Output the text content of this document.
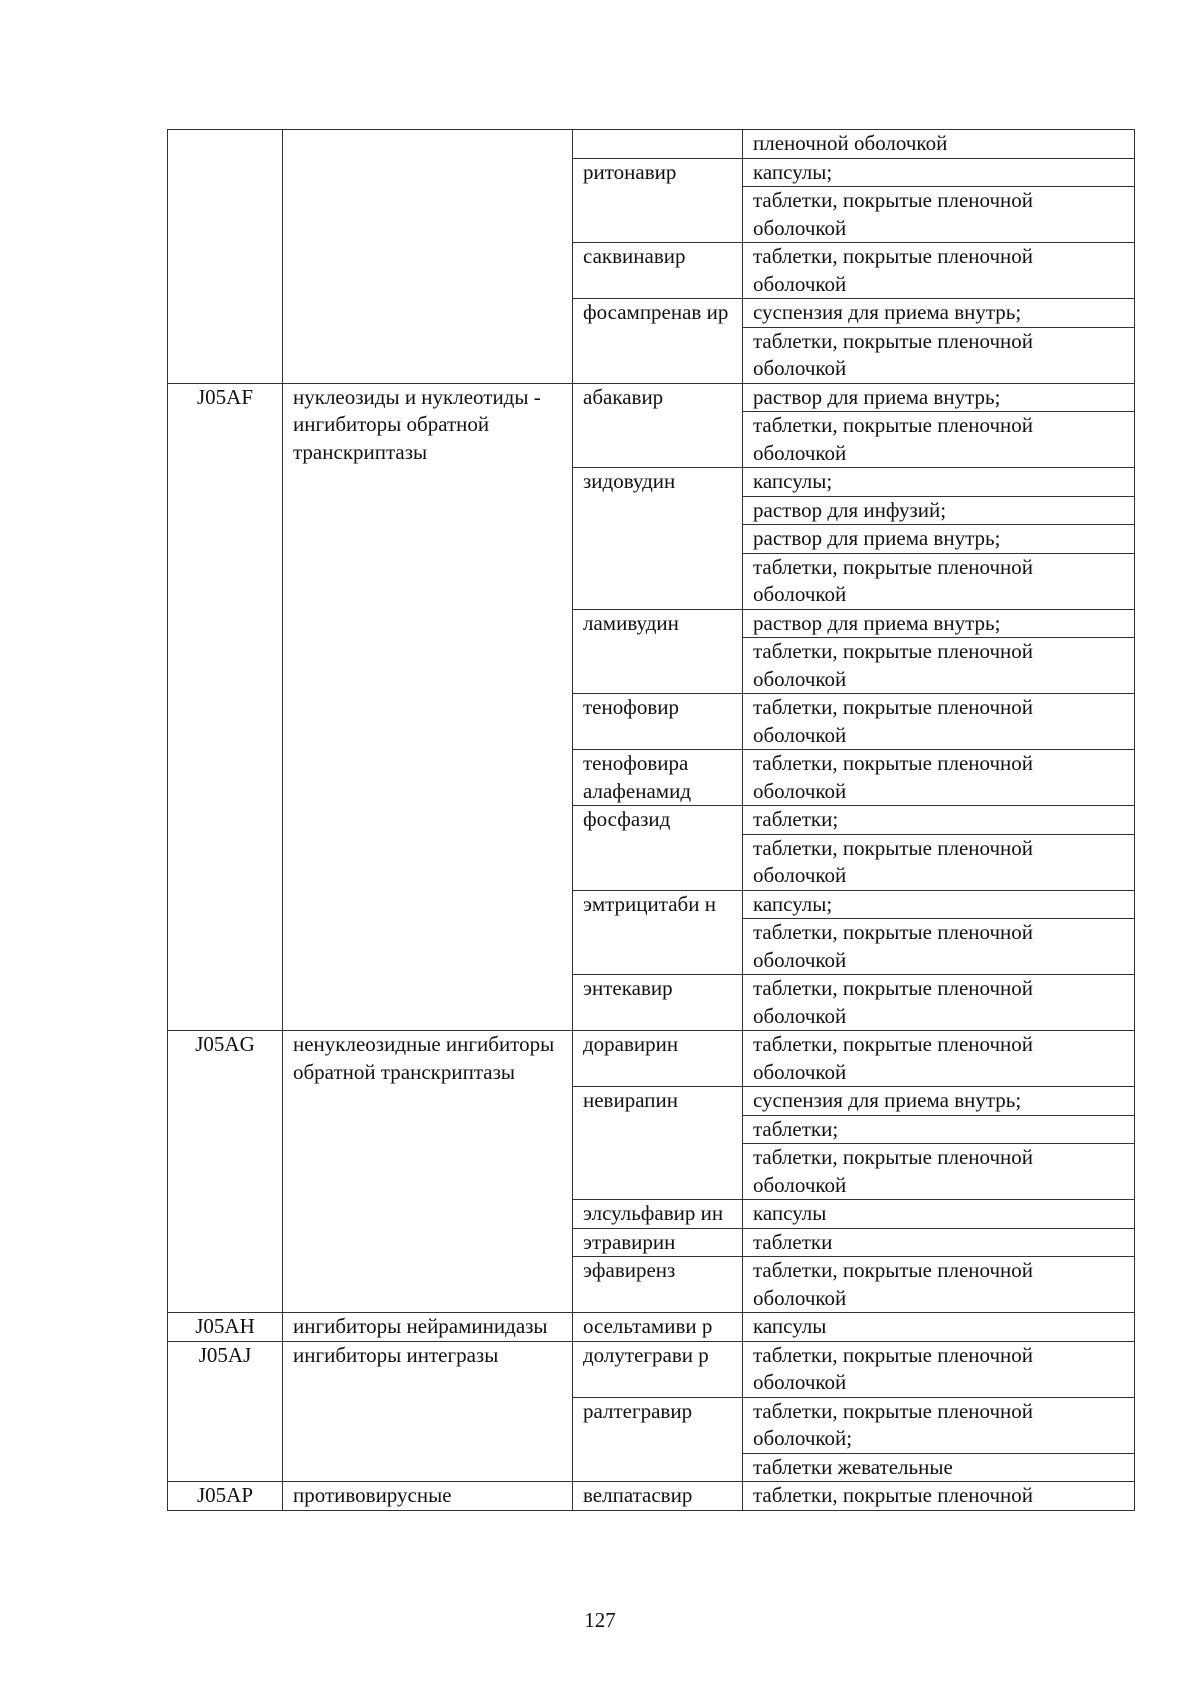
			пленочной оболочкой
		ритонавир	капсулы;
			таблетки, покрытые пленочной оболочкой
		саквинавир	таблетки, покрытые пленочной оболочкой
		фосампренав ир	суспензия для приема внутрь;
			таблетки, покрытые пленочной оболочкой
J05AF	нуклеозиды и нуклеотиды - ингибиторы обратной транскриптазы	абакавир	раствор для приема внутрь;
			таблетки, покрытые пленочной оболочкой
		зидовудин	капсулы;
			раствор для инфузий;
			раствор для приема внутрь;
			таблетки, покрытые пленочной оболочкой
		ламивудин	раствор для приема внутрь;
			таблетки, покрытые пленочной оболочкой
		тенофовир	таблетки, покрытые пленочной оболочкой
		тенофовира алафенамид	таблетки, покрытые пленочной оболочкой
		фосфазид	таблетки;
			таблетки, покрытые пленочной оболочкой
		эмтрицитаби н	капсулы;
			таблетки, покрытые пленочной оболочкой
		энтекавир	таблетки, покрытые пленочной оболочкой
J05AG	ненуклеозидные ингибиторы обратной транскриптазы	доравирин	таблетки, покрытые пленочной оболочкой
		невирапин	суспензия для приема внутрь;
			таблетки;
			таблетки, покрытые пленочной оболочкой
		элсульфавир ин	капсулы
		этравирин	таблетки
		эфавиренз	таблетки, покрытые пленочной оболочкой
J05AH	ингибиторы нейраминидазы	осельтамиви р	капсулы
J05AJ	ингибиторы интегразы	долутеграви р	таблетки, покрытые пленочной оболочкой
		ралтегравир	таблетки, покрытые пленочной оболочкой;
			таблетки жевательные
J05AP	противовирусные	велпатасвир	таблетки, покрытые пленочной
127
